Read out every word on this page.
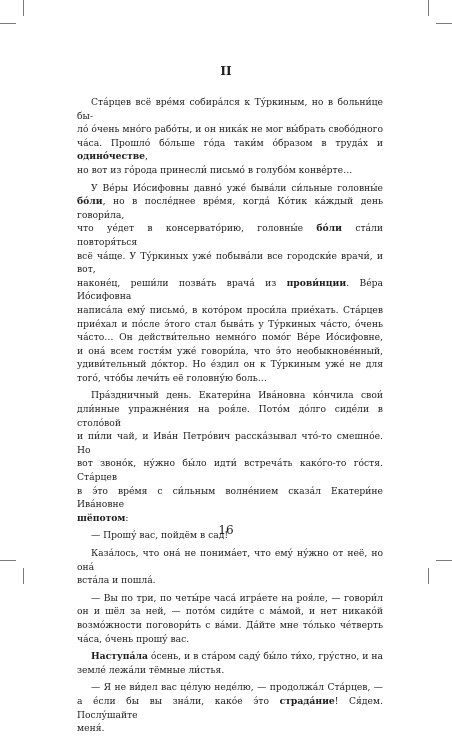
II

Ста́рцев всё вре́мя собира́лся к Ту́ркиным, но в больни́це бы-
ло́ о́чень мно́го рабо́ты, и он ника́к не мог вы́брать свобо́дного
ча́са. Прошло́ бо́льше го́да таки́м о́бразом в труда́х и одино́честве,
но вот из го́рода принесли́ письмо́ в голубо́м конве́рте…

У Ве́ры Ио́сифовны давно́ уже́ быва́ли си́льные головны́е
бо́ли, но в после́днее вре́мя, когда́ Ко́тик ка́ждый день говори́ла,
что уе́дет в консервато́рию, головны́е бо́ли ста́ли повторя́ться
всё ча́ще. У Ту́ркиных уже́ побыва́ли все городски́е врачи́, и вот,
наконе́ц, реши́ли позва́ть врача́ из прови́нции. Ве́ра Ио́сифовна
написа́ла ему́ письмо́, в кото́ром проси́ла прие́хать. Ста́рцев
прие́хал и по́сле э́того стал быва́ть у Ту́ркиных ча́сто, о́чень
ча́сто… Он действи́тельно немно́го помо́г Ве́ре Ио́сифовне,
и она́ всем гостя́м уже́ говори́ла, что э́то необыкнове́нный,
удиви́тельный до́ктор. Но е́здил он к Ту́ркиным уже́ не для
того́, что́бы лечи́ть её головну́ю боль…

Пра́здничный день. Екатери́на Ива́новна ко́нчила свои́
дли́нные упражне́ния на роя́ле. Пото́м до́лго сиде́ли в столо́вой
и пи́ли чай, и Ива́н Петро́вич расска́зывал что́-то смешно́е. Но
вот звоно́к, ну́жно бы́ло идти́ встреча́ть како́го-то го́стя. Ста́рцев
в э́то вре́мя с си́льным волне́нием сказа́л Екатери́не Ива́новне
шёпотом:

— Прошу́ вас, пойдём в сад!

Каза́лось, что она́ не понима́ет, что ему́ ну́жно от неё, но она́
вста́ла и пошла́.

— Вы по три, по четы́ре часа́ игра́ете на роя́ле, — говори́л
он и шёл за ней, — пото́м сиди́те с ма́мой, и нет никако́й
возмо́жности поговори́ть с ва́ми. Да́йте мне то́лько че́тверть
ча́са, о́чень прошу́ вас.

Наступа́ла о́сень, и в ста́ром саду́ бы́ло ти́хо, гру́стно, и на
земле́ лежа́ли тёмные ли́стья.

— Я не ви́дел вас це́лую неде́лю, — продолжа́л Ста́рцев, —
а е́сли бы вы зна́ли, како́е э́то страда́ние! Ся́дем. Послу́шайте
меня́.

16
